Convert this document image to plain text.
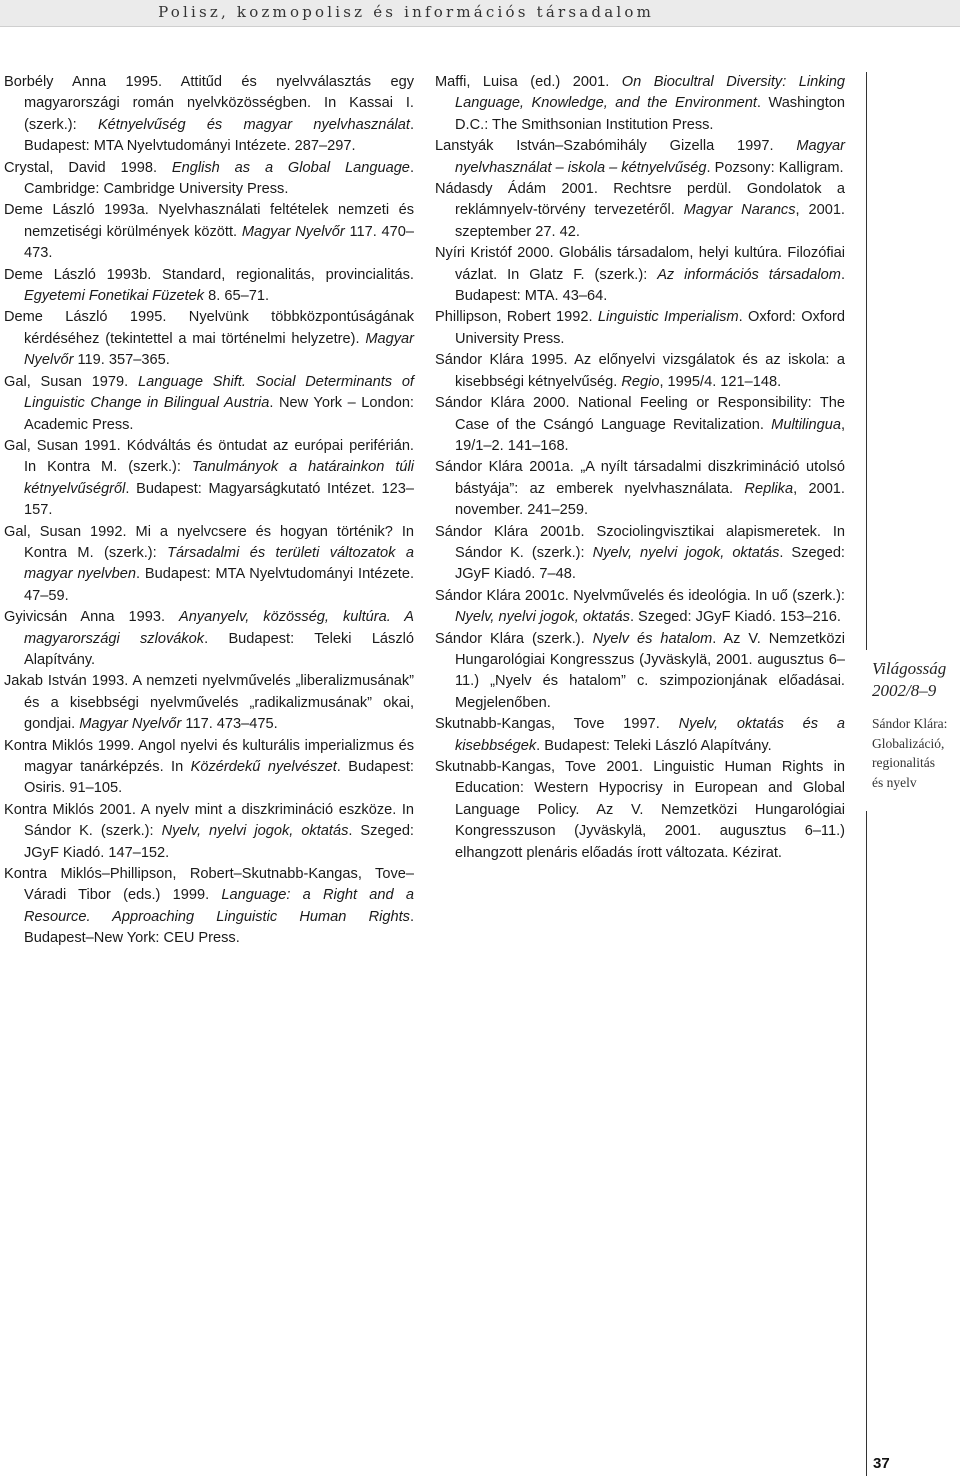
Polisz, kozmopolisz és információs társadalom

Borbély Anna 1995. Attitűd és nyelvválasztás egy magyarországi román nyelvközösségben. In Kassai I. (szerk.): Kétnyelvűség és magyar nyelvhasználat. Budapest: MTA Nyelvtudományi Intézete. 287–297.

Crystal, David 1998. English as a Global Language. Cambridge: Cambridge University Press.

Deme László 1993a. Nyelvhasználati feltételek nemzeti és nemzetiségi körülmények között. Magyar Nyelvőr 117. 470–473.

Deme László 1993b. Standard, regionalitás, provincialitás. Egyetemi Fonetikai Füzetek 8. 65–71.

Deme László 1995. Nyelvünk többközpontúságának kérdéséhez (tekintettel a mai történelmi helyzetre). Magyar Nyelvőr 119. 357–365.

Gal, Susan 1979. Language Shift. Social Determinants of Linguistic Change in Bilingual Austria. New York – London: Academic Press.

Gal, Susan 1991. Kódváltás és öntudat az európai periférián. In Kontra M. (szerk.): Tanulmányok a határainkon túli kétnyelvűségről. Budapest: Magyarságkutató Intézet. 123–157.

Gal, Susan 1992. Mi a nyelvcsere és hogyan történik? In Kontra M. (szerk.): Társadalmi és területi változatok a magyar nyelvben. Budapest: MTA Nyelvtudományi Intézete. 47–59.

Gyivicsán Anna 1993. Anyanyelv, közösség, kultúra. A magyarországi szlovákok. Budapest: Teleki László Alapítvány.

Jakab István 1993. A nemzeti nyelvművelés „liberalizmusának” és a kisebbségi nyelvművelés „radikalizmusának” okai, gondjai. Magyar Nyelvőr 117. 473–475.

Kontra Miklós 1999. Angol nyelvi és kulturális imperializmus és magyar tanárképzés. In Közérdekű nyelvészet. Budapest: Osiris. 91–105.

Kontra Miklós 2001. A nyelv mint a diszkrimináció eszköze. In Sándor K. (szerk.): Nyelv, nyelvi jogok, oktatás. Szeged: JGyF Kiadó. 147–152.

Kontra Miklós–Phillipson, Robert–Skutnabb-Kangas, Tove–Váradi Tibor (eds.) 1999. Language: a Right and a Resource. Approaching Linguistic Human Rights. Budapest–New York: CEU Press.

Maffi, Luisa (ed.) 2001. On Biocultral Diversity: Linking Language, Knowledge, and the Environment. Washington D.C.: The Smithsonian Institution Press.

Lanstyák István–Szabómihály Gizella 1997. Magyar nyelvhasználat – iskola – kétnyelvűség. Pozsony: Kalligram.

Nádasdy Ádám 2001. Rechtsre perdül. Gondolatok a reklámnyelv-törvény tervezetéről. Magyar Narancs, 2001. szeptember 27. 42.

Nyíri Kristóf 2000. Globális társadalom, helyi kultúra. Filozófiai vázlat. In Glatz F. (szerk.): Az információs társadalom. Budapest: MTA. 43–64.

Phillipson, Robert 1992. Linguistic Imperialism. Oxford: Oxford University Press.

Sándor Klára 1995. Az előnyelvi vizsgálatok és az iskola: a kisebbségi kétnyelvűség. Regio, 1995/4. 121–148.

Sándor Klára 2000. National Feeling or Responsibility: The Case of the Csángó Language Revitalization. Multilingua, 19/1–2. 141–168.

Sándor Klára 2001a. „A nyílt társadalmi diszkrimináció utolsó bástyája”: az emberek nyelvhasználata. Replika, 2001. november. 241–259.

Sándor Klára 2001b. Szociolingvisztikai alapismeretek. In Sándor K. (szerk.): Nyelv, nyelvi jogok, oktatás. Szeged: JGyF Kiadó. 7–48.

Sándor Klára 2001c. Nyelvművelés és ideológia. In uő (szerk.): Nyelv, nyelvi jogok, oktatás. Szeged: JGyF Kiadó. 153–216.

Sándor Klára (szerk.). Nyelv és hatalom. Az V. Nemzetközi Hungarológiai Kongresszus (Jyväskylä, 2001. augusztus 6–11.) „Nyelv és hatalom” c. szimpozionjának előadásai. Megjelenőben.

Skutnabb-Kangas, Tove 1997. Nyelv, oktatás és a kisebbségek. Budapest: Teleki László Alapítvány.

Skutnabb-Kangas, Tove 2001. Linguistic Human Rights in Education: Western Hypocrisy in European and Global Language Policy. Az V. Nemzetközi Hungarológiai Kongresszuson (Jyväskylä, 2001. augusztus 6–11.) elhangzott plenáris előadás írott változata. Kézirat.

Világosság
2002/8–9
Sándor Klára:
Globalizáció,
regionalitás
és nyelv
37
